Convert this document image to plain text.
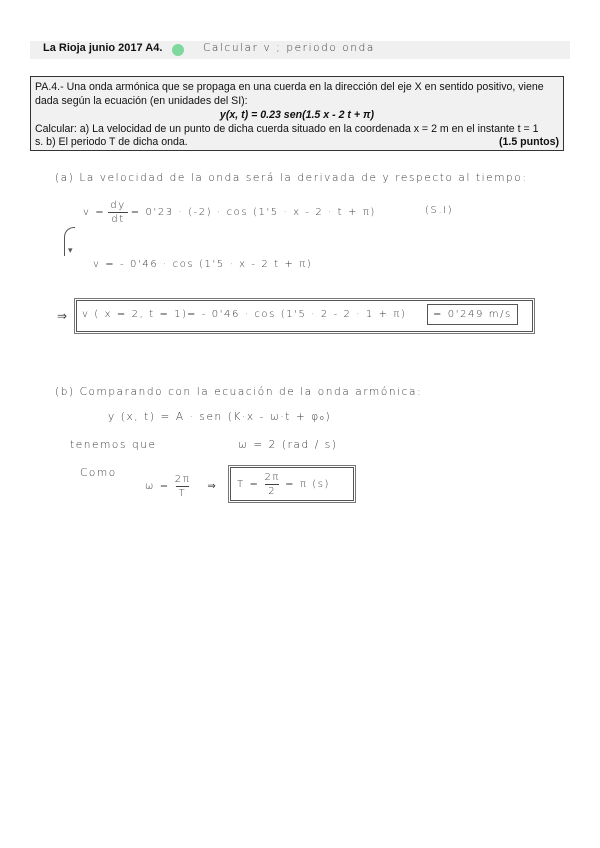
La Rioja junio 2017 A4.	Calcular v ; periodo onda
PA.4.- Una onda armónica que se propaga en una cuerda en la dirección del eje X en sentido positivo, viene
dada según la ecuación (en unidades del SI):
y(x, t) = 0.23 sen(1.5 x - 2 t + π)
Calcular: a) La velocidad de un punto de dicha cuerda situado en la coordenada x = 2 m en el instante t = 1
s. b) El periodo T de dicha onda.	(1.5 puntos)
(a) La velocidad de la onda será la derivada de y respecto al tiempo:
$v = \frac{dy}{dt} = 0'23 \cdot (-2) \cdot \cos (1'5 \cdot x - 2 \cdot t + \pi)$	(S.I)
▾
v = - 0'46 · cos (1'5 · x - 2 t + π)
⇒ v ( x = 2, t = 1) = - 0'46 · cos (1'5 · 2 - 2 · 1 + π)	= 0'249 m/s
(b) Comparando con la ecuación de la onda armónica:
y (x, t) = A · sen (K·x - ω·t + φ₀)
tenemos que	ω = 2 (rad / s)
Como
$\omega = \frac{2\pi}{T}$ ⇒ $T = \frac{2\pi}{2} = \pi$ (s)
